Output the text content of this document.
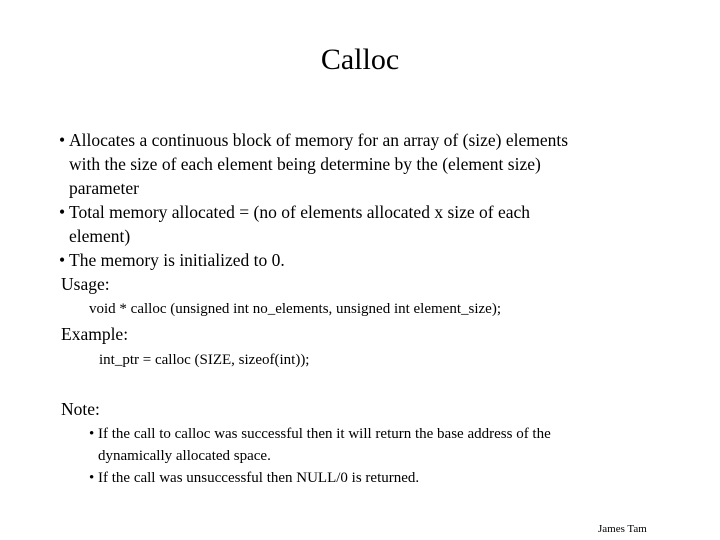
Calloc
• Allocates a continuous block of memory for an array of (size) elements
with the size of each element being determine by the (element size)
parameter
• Total memory allocated = (no of elements allocated x size of each
element)
• The memory is initialized to 0.
Usage:
void * calloc (unsigned int no_elements, unsigned int element_size);
Example:
int_ptr = calloc (SIZE, sizeof(int));
Note:
• If the call to calloc was successful then it will return the base address of the
dynamically allocated space.
• If the call was unsuccessful then NULL/0 is returned.
James Tam
